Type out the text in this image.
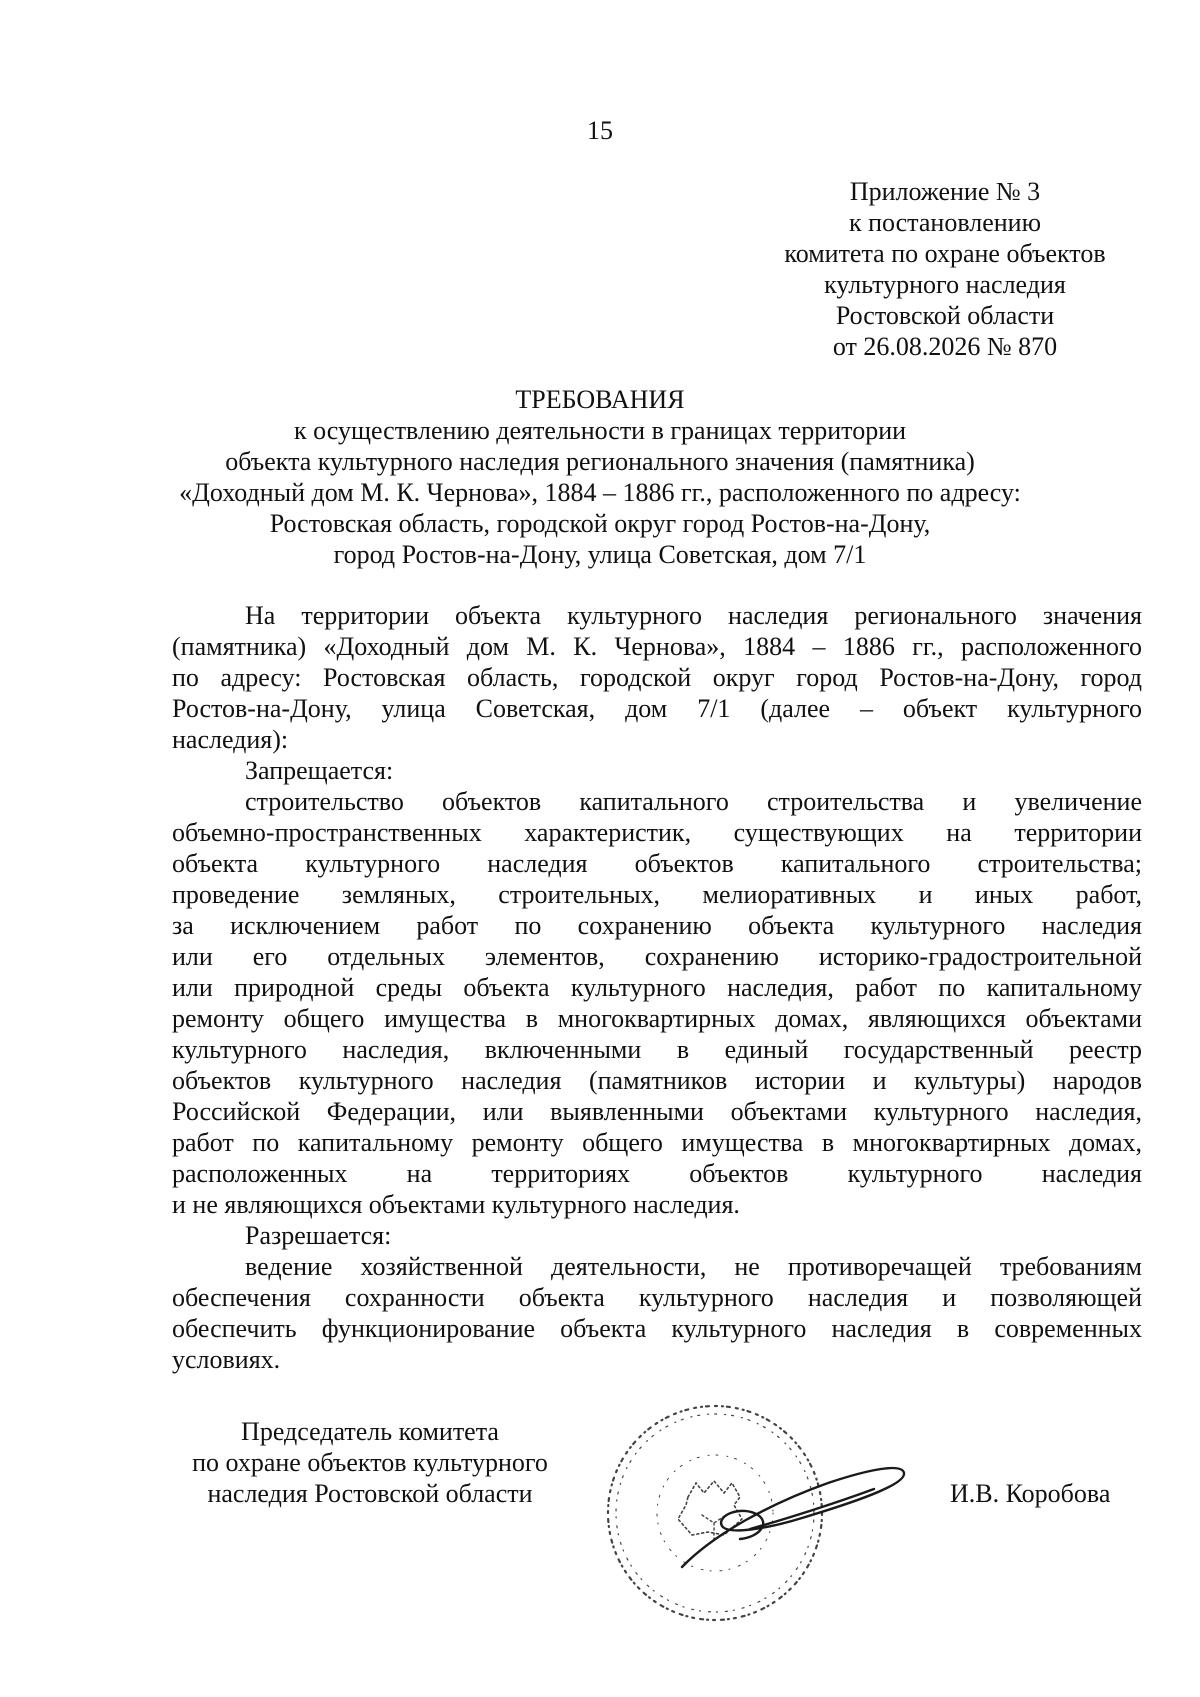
15
Приложение № 3
к постановлению
комитета по охране объектов
культурного наследия
Ростовской области
от 26.08.2026 № 870
ТРЕБОВАНИЯ
к осуществлению деятельности в границах территории
объекта культурного наследия регионального значения (памятника)
«Доходный дом М. К. Чернова», 1884 – 1886 гг., расположенного по адресу:
Ростовская область, городской округ город Ростов-на-Дону,
город Ростов-на-Дону, улица Советская, дом 7/1
На территории объекта культурного наследия регионального значения
(памятника) «Доходный дом М. К. Чернова», 1884 – 1886 гг., расположенного
по адресу: Ростовская область, городской округ город Ростов-на-Дону, город
Ростов-на-Дону, улица Советская, дом 7/1 (далее – объект культурного
наследия):
Запрещается:
строительство объектов капитального строительства и увеличение
объемно-пространственных характеристик, существующих на территории
объекта культурного наследия объектов капитального строительства;
проведение земляных, строительных, мелиоративных и иных работ,
за исключением работ по сохранению объекта культурного наследия
или его отдельных элементов, сохранению историко-градостроительной
или природной среды объекта культурного наследия, работ по капитальному
ремонту общего имущества в многоквартирных домах, являющихся объектами
культурного наследия, включенными в единый государственный реестр
объектов культурного наследия (памятников истории и культуры) народов
Российской Федерации, или выявленными объектами культурного наследия,
работ по капитальному ремонту общего имущества в многоквартирных домах,
расположенных на территориях объектов культурного наследия
и не являющихся объектами культурного наследия.
Разрешается:
ведение хозяйственной деятельности, не противоречащей требованиям
обеспечения сохранности объекта культурного наследия и позволяющей
обеспечить функционирование объекта культурного наследия в современных
условиях.
Председатель комитета
по охране объектов культурного
наследия Ростовской области	И.В. Коробова
